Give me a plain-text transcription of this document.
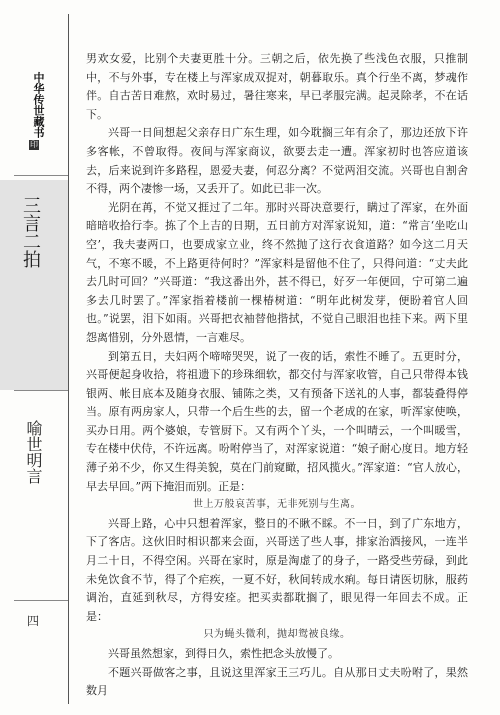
中华传世藏书
印
三言二拍
喻世明言
四

男欢女爱，比别个夫妻更胜十分。三朝之后，依先换了些浅色衣服，只推制中，不与外事，专在楼上与浑家成双捉对，朝暮取乐。真个行坐不离，梦魂作伴。自古苦日难熬，欢时易过，暑往寒来，早已孝服完满。起灵除孝，不在话下。

兴哥一日间想起父亲存日广东生理，如今耽搁三年有余了，那边还放下许多客帐，不曾取得。夜间与浑家商议，欲要去走一遭。浑家初时也答应道该去，后来说到许多路程，恩爱夫妻，何忍分离？不觉两泪交流。兴哥也自割舍不得，两个凄惨一场，又丢开了。如此已非一次。

光阴在苒，不觉又捱过了二年。那时兴哥决意要行，瞒过了浑家，在外面暗暗收拾行李。拣了个上吉的日期，五日前方对浑家说知，道：“常言‘坐吃山空’，我夫妻两口，也要成家立业，终不然抛了这行衣食道路？如今这二月天气，不寒不暖，不上路更待何时？”浑家料是留他不住了，只得问道：“丈夫此去几时可回？”兴哥道：“我这番出外，甚不得已，好歹一年便回，宁可第二遍多去几时罢了。”浑家指着楼前一棵椿树道：“明年此树发芽，便盼着官人回也。”说罢，泪下如雨。兴哥把衣袖替他揩拭，不觉自己眼泪也挂下来。两下里怨离惜别，分外恩情，一言难尽。

到第五日，夫妇两个啼啼哭哭，说了一夜的话，索性不睡了。五更时分，兴哥便起身收拾，将祖遗下的珍珠细软，都交付与浑家收管，自己只带得本钱银两、帐目底本及随身衣服、铺陈之类，又有预备下送礼的人事，都装叠得停当。原有两房家人，只带一个后生些的去，留一个老成的在家，听浑家使唤，买办日用。两个婆娘，专管厨下。又有两个丫头，一个叫晴云，一个叫暖雪，专在楼中伏侍，不许远离。吩咐停当了，对浑家说道：“娘子耐心度日。地方轻薄子弟不少，你又生得美貌，莫在门前窥瞰，招风揽火。”浑家道：“官人放心，早去早回。”两下掩泪而别。正是：

世上万般哀苦事，无非死别与生离。

兴哥上路，心中只想着浑家，整日的不瞅不睬。不一日，到了广东地方，下了客店。这伙旧时相识都来会面，兴哥送了些人事，排家治酒接风，一连半月二十日，不得空闲。兴哥在家时，原是淘虚了的身子，一路受些劳碌，到此未免饮食不节，得了个疟疾，一夏不好，秋间转成水痢。每日请医切脉，服药调治，直延到秋尽，方得安痊。把买卖都耽搁了，眼见得一年回去不成。正是：

只为蝇头微利，抛却鸳被良缘。

兴哥虽然想家，到得日久，索性把念头放慢了。

不题兴哥做客之事，且说这里浑家王三巧儿。自从那日丈夫吩咐了，果然数月
